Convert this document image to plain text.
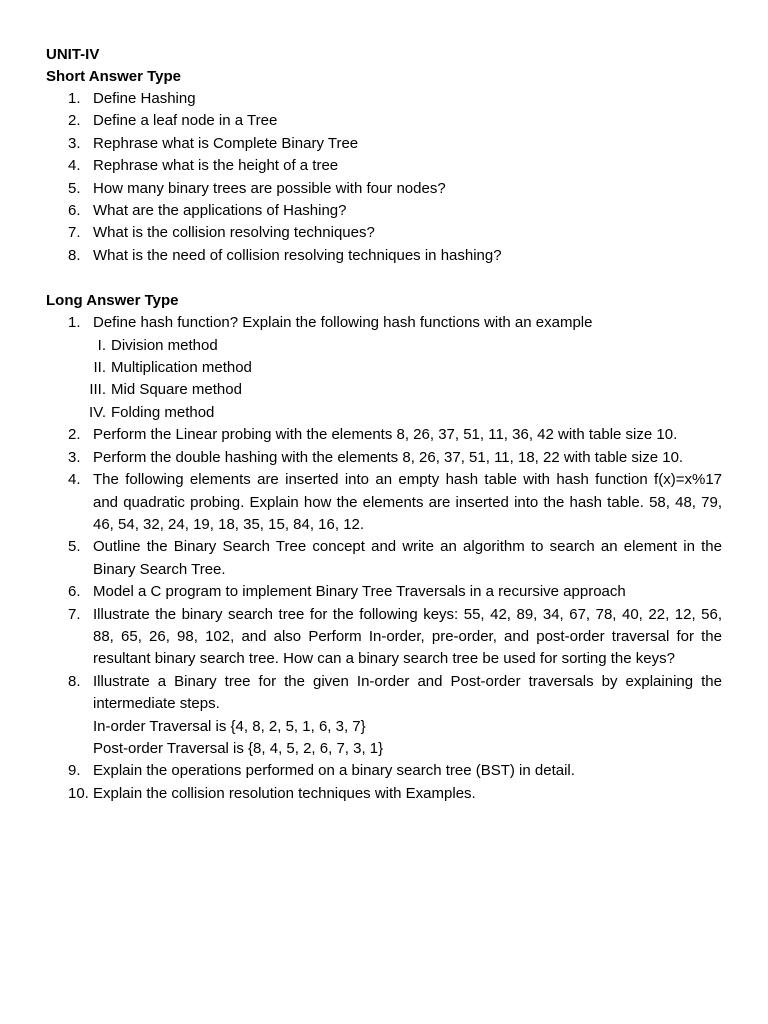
UNIT-IV
Short Answer Type
1. Define Hashing
2. Define a leaf node in a Tree
3. Rephrase what is Complete Binary Tree
4. Rephrase what is the height of a tree
5. How many binary trees are possible with four nodes?
6. What are the applications of Hashing?
7. What is the collision resolving techniques?
8. What is the need of collision resolving techniques in hashing?
Long Answer Type
1. Define hash function? Explain the following hash functions with an example
I. Division method
II. Multiplication method
III. Mid Square method
IV. Folding method
2. Perform the Linear probing with the elements 8, 26, 37, 51, 11, 36, 42 with table size 10.
3. Perform the double hashing with the elements 8, 26, 37, 51, 11, 18, 22 with table size 10.
4. The following elements are inserted into an empty hash table with hash function f(x)=x%17 and quadratic probing. Explain how the elements are inserted into the hash table. 58, 48, 79, 46, 54, 32, 24, 19, 18, 35, 15, 84, 16, 12.
5. Outline the Binary Search Tree concept and write an algorithm to search an element in the Binary Search Tree.
6. Model a C program to implement Binary Tree Traversals in a recursive approach
7. Illustrate the binary search tree for the following keys: 55, 42, 89, 34, 67, 78, 40, 22, 12, 56, 88, 65, 26, 98, 102, and also Perform In-order, pre-order, and post-order traversal for the resultant binary search tree. How can a binary search tree be used for sorting the keys?
8. Illustrate a Binary tree for the given In-order and Post-order traversals by explaining the intermediate steps.
In-order Traversal is {4, 8, 2, 5, 1, 6, 3, 7}
Post-order Traversal is {8, 4, 5, 2, 6, 7, 3, 1}
9. Explain the operations performed on a binary search tree (BST) in detail.
10. Explain the collision resolution techniques with Examples.
